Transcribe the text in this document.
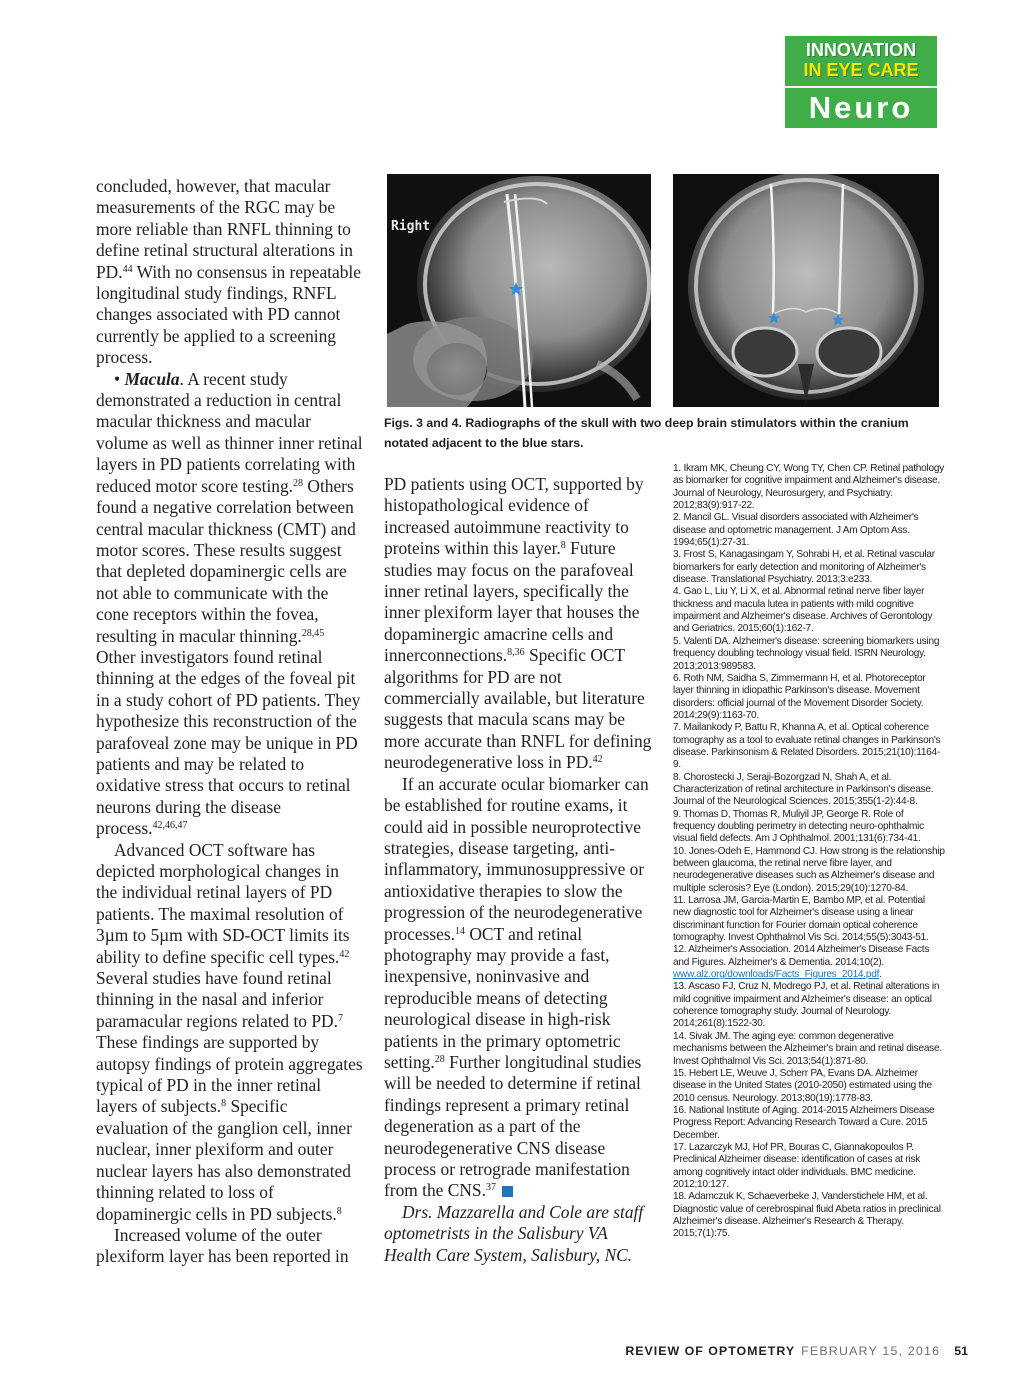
INNOVATION
IN EYE CARE
Neuro

concluded, however, that macular measurements of the RGC may be more reliable than RNFL thinning to define retinal structural alterations in PD.$^{44}$ With no consensus in repeatable longitudinal study findings, RNFL changes associated with PD cannot currently be applied to a screening process.

• Macula. A recent study demonstrated a reduction in central macular thickness and macular volume as well as thinner inner retinal layers in PD patients correlating with reduced motor score testing.$^{28}$ Others found a negative correlation between central macular thickness (CMT) and motor scores. These results suggest that depleted dopaminergic cells are not able to communicate with the cone receptors within the fovea, resulting in macular thinning.$^{28,45}$ Other investigators found retinal thinning at the edges of the foveal pit in a study cohort of PD patients. They hypothesize this reconstruction of the parafoveal zone may be unique in PD patients and may be related to oxidative stress that occurs to retinal neurons during the disease process.$^{42,46,47}$

Advanced OCT software has depicted morphological changes in the individual retinal layers of PD patients. The maximal resolution of 3µm to 5µm with SD-OCT limits its ability to define specific cell types.$^{42}$ Several studies have found retinal thinning in the nasal and inferior paramacular regions related to PD.$^7$ These findings are supported by autopsy findings of protein aggregates typical of PD in the inner retinal layers of subjects.$^8$ Specific evaluation of the ganglion cell, inner nuclear, inner plexiform and outer nuclear layers has also demonstrated thinning related to loss of dopaminergic cells in PD subjects.$^8$

Increased volume of the outer plexiform layer has been reported in

Right
Figs. 3 and 4. Radiographs of the skull with two deep brain stimulators within the cranium notated adjacent to the blue stars.

PD patients using OCT, supported by histopathological evidence of increased autoimmune reactivity to proteins within this layer.$^8$ Future studies may focus on the parafoveal inner retinal layers, specifically the inner plexiform layer that houses the dopaminergic amacrine cells and innerconnections.$^{8,36}$ Specific OCT algorithms for PD are not commercially available, but literature suggests that macula scans may be more accurate than RNFL for defining neurodegenerative loss in PD.$^{42}$

If an accurate ocular biomarker can be established for routine exams, it could aid in possible neuroprotective strategies, disease targeting, anti-inflammatory, immunosuppressive or antioxidative therapies to slow the progression of the neurodegenerative processes.$^{14}$ OCT and retinal photography may provide a fast, inexpensive, noninvasive and reproducible means of detecting neurological disease in high-risk patients in the primary optometric setting.$^{28}$ Further longitudinal studies will be needed to determine if retinal findings represent a primary retinal degeneration as a part of the neurodegenerative CNS disease process or retrograde manifestation from the CNS.$^{37}$

Drs. Mazzarella and Cole are staff optometrists in the Salisbury VA Health Care System, Salisbury, NC.

1. Ikram MK, Cheung CY, Wong TY, Chen CP. Retinal pathology as biomarker for cognitive impairment and Alzheimer's disease. Journal of Neurology, Neurosurgery, and Psychiatry. 2012;83(9):917-22.

2. Mancil GL. Visual disorders associated with Alzheimer's disease and optometric management. J Am Optom Ass. 1994;65(1):27-31.

3. Frost S, Kanagasingam Y, Sohrabi H, et al. Retinal vascular biomarkers for early detection and monitoring of Alzheimer's disease. Translational Psychiatry. 2013;3:e233.

4. Gao L, Liu Y, Li X, et al. Abnormal retinal nerve fiber layer thickness and macula lutea in patients with mild cognitive impairment and Alzheimer's disease. Archives of Gerontology and Geriatrics. 2015;60(1):162-7.

5. Valenti DA. Alzheimer's disease: screening biomarkers using frequency doubling technology visual field. ISRN Neurology. 2013;2013:989583.

6. Roth NM, Saidha S, Zimmermann H, et al. Photoreceptor layer thinning in idiopathic Parkinson's disease. Movement disorders: official journal of the Movement Disorder Society. 2014;29(9):1163-70.

7. Mailankody P, Battu R, Khanna A, et al. Optical coherence tomography as a tool to evaluate retinal changes in Parkinson's disease. Parkinsonism & Related Disorders. 2015;21(10):1164-9.

8. Chorostecki J, Seraji-Bozorgzad N, Shah A, et al. Characterization of retinal architecture in Parkinson's disease. Journal of the Neurological Sciences. 2015;355(1-2):44-8.

9. Thomas D, Thomas R, Muliyil JP, George R. Role of frequency doubling perimetry in detecting neuro-ophthalmic visual field defects. Am J Ophthalmol. 2001;131(6):734-41.

10. Jones-Odeh E, Hammond CJ. How strong is the relationship between glaucoma, the retinal nerve fibre layer, and neurodegenerative diseases such as Alzheimer's disease and multiple sclerosis? Eye (London). 2015;29(10):1270-84.

11. Larrosa JM, Garcia-Martin E, Bambo MP, et al. Potential new diagnostic tool for Alzheimer's disease using a linear discriminant function for Fourier domain optical coherence tomography. Invest Ophthalmol Vis Sci. 2014;55(5):3043-51.

12. Alzheimer's Association. 2014 Alzheimer's Disease Facts and Figures. Alzheimer's & Dementia. 2014;10(2). www.alz.org/downloads/Facts_Figures_2014.pdf.

13. Ascaso FJ, Cruz N, Modrego PJ, et al. Retinal alterations in mild cognitive impairment and Alzheimer's disease: an optical coherence tomography study. Journal of Neurology. 2014;261(8):1522-30.

14. Sivak JM. The aging eye: common degenerative mechanisms between the Alzheimer's brain and retinal disease. Invest Ophthalmol Vis Sci. 2013;54(1):871-80.

15. Hebert LE, Weuve J, Scherr PA, Evans DA. Alzheimer disease in the United States (2010-2050) estimated using the 2010 census. Neurology. 2013;80(19):1778-83.

16. National Institute of Aging. 2014-2015 Alzheimers Disease Progress Report: Advancing Research Toward a Cure. 2015 December.

17. Lazarczyk MJ, Hof PR, Bouras C, Giannakopoulos P. Preclinical Alzheimer disease: identification of cases at risk among cognitively intact older individuals. BMC medicine. 2012;10:127.

18. Adamczuk K, Schaeverbeke J, Vanderstichele HM, et al. Diagnostic value of cerebrospinal fluid Abeta ratios in preclinical Alzheimer's disease. Alzheimer's Research & Therapy. 2015;7(1):75.

REVIEW OF OPTOMETRY FEBRUARY 15, 2016 51
